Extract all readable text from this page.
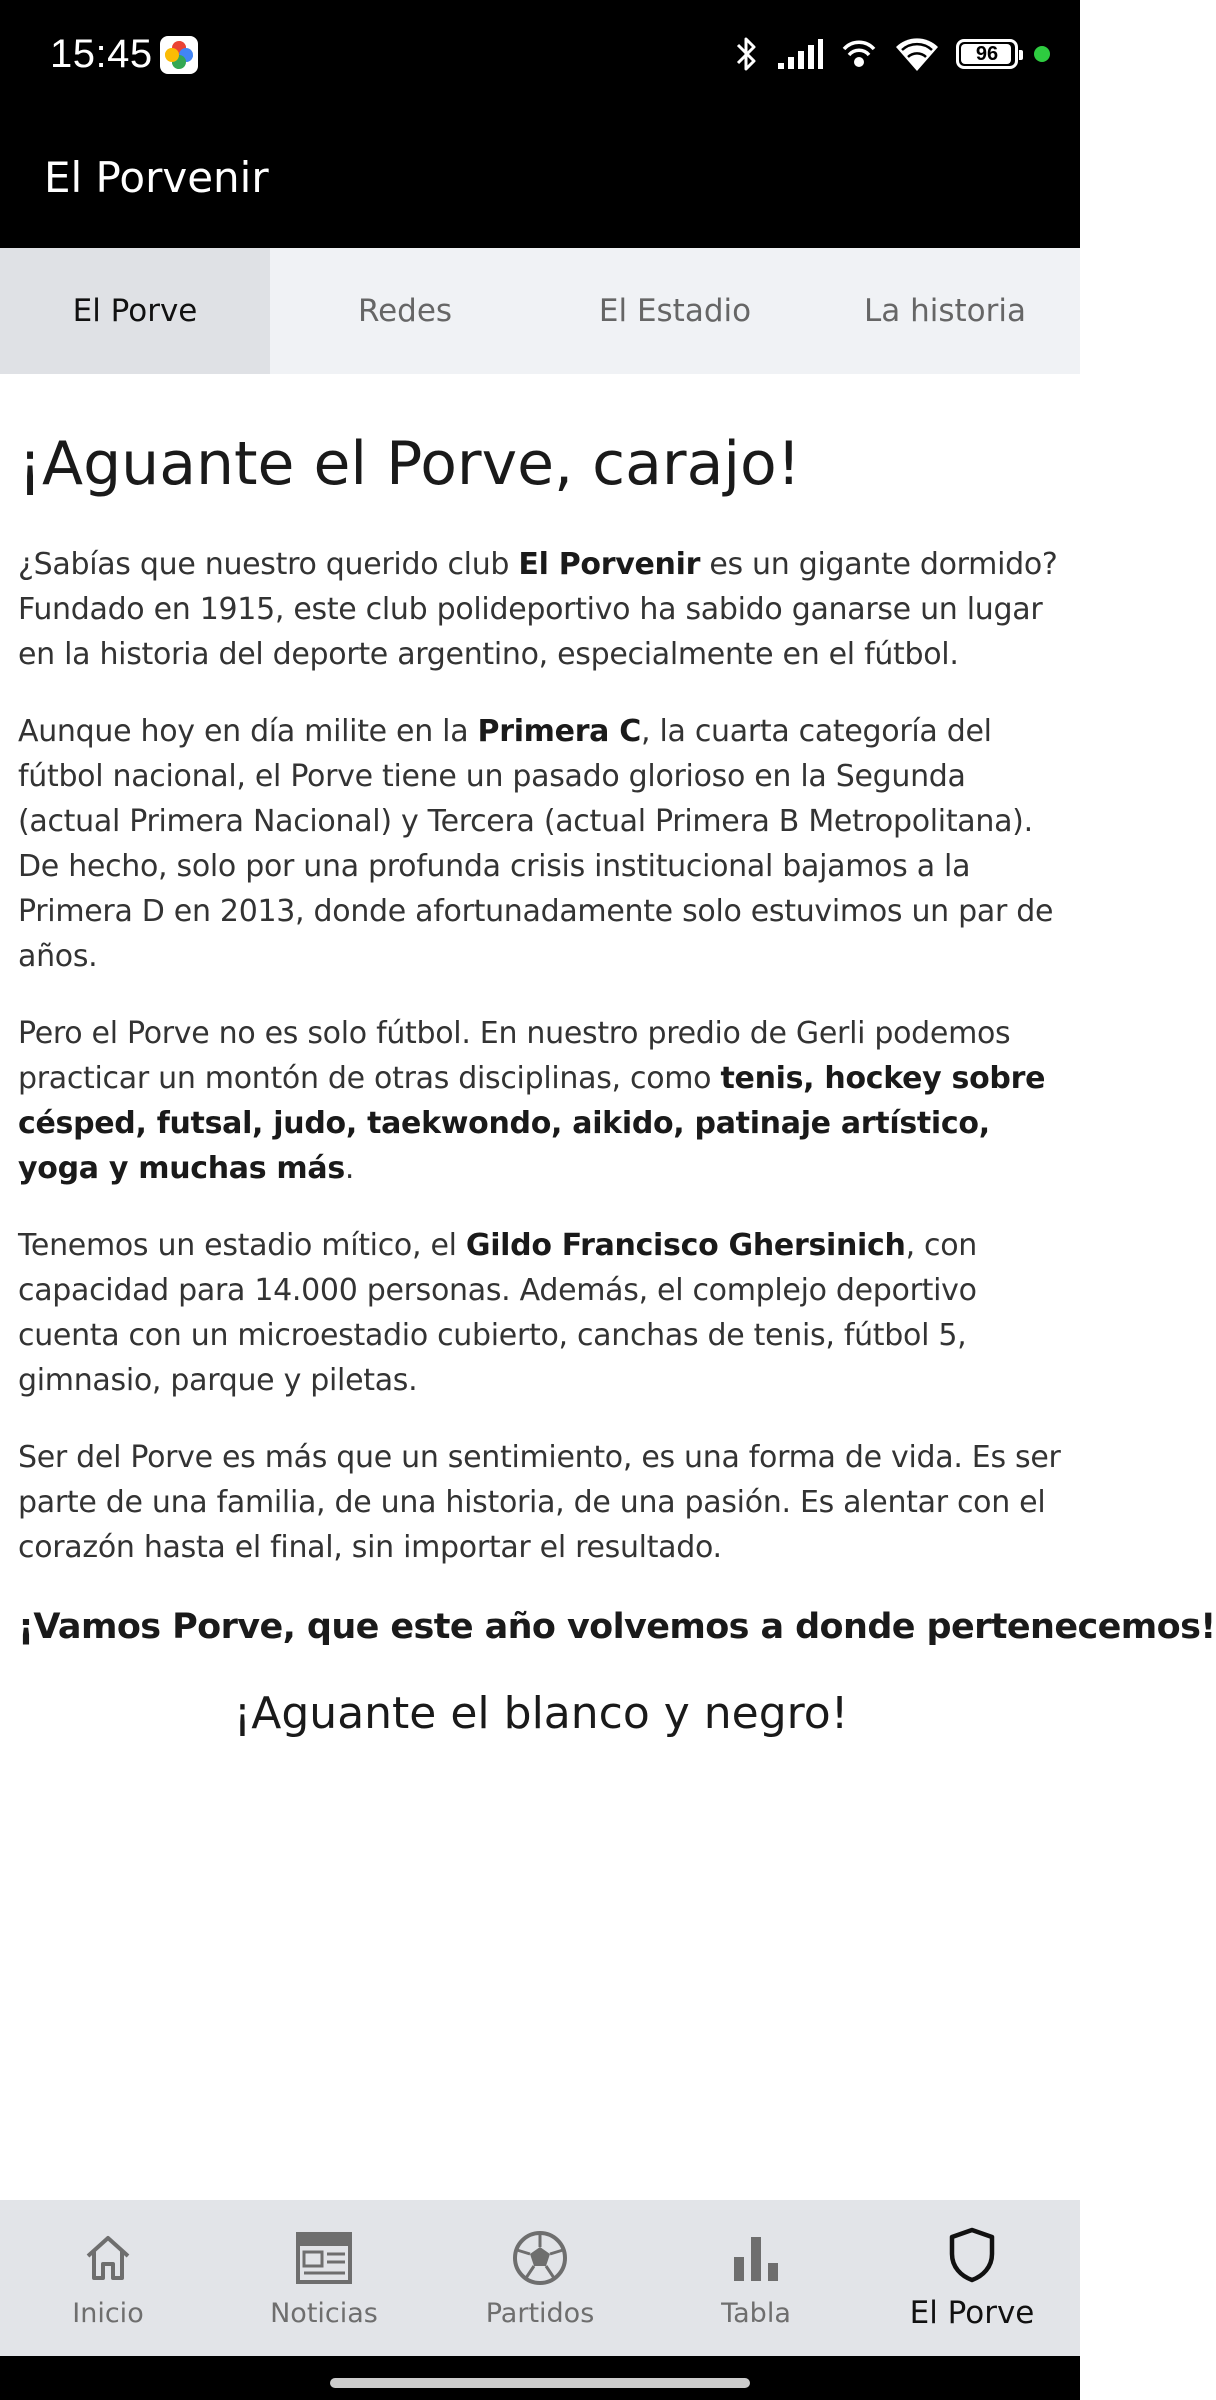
15:45	96
El Porvenir
El Porve	Redes	El Estadio	La historia
¡Aguante el Porve, carajo!

¿Sabías que nuestro querido club El Porvenir es un gigante dormido? Fundado en 1915, este club polideportivo ha sabido ganarse un lugar en la historia del deporte argentino, especialmente en el fútbol.

Aunque hoy en día milite en la Primera C, la cuarta categoría del fútbol nacional, el Porve tiene un pasado glorioso en la Segunda (actual Primera Nacional) y Tercera (actual Primera B Metropolitana). De hecho, solo por una profunda crisis institucional bajamos a la Primera D en 2013, donde afortunadamente solo estuvimos un par de años.

Pero el Porve no es solo fútbol. En nuestro predio de Gerli podemos practicar un montón de otras disciplinas, como tenis, hockey sobre césped, futsal, judo, taekwondo, aikido, patinaje artístico, yoga y muchas más.

Tenemos un estadio mítico, el Gildo Francisco Ghersinich, con capacidad para 14.000 personas. Además, el complejo deportivo cuenta con un microestadio cubierto, canchas de tenis, fútbol 5, gimnasio, parque y piletas.

Ser del Porve es más que un sentimiento, es una forma de vida. Es ser parte de una familia, de una historia, de una pasión. Es alentar con el corazón hasta el final, sin importar el resultado.

¡Vamos Porve, que este año volvemos a donde pertenecemos!

¡Aguante el blanco y negro!

Inicio	Noticias	Partidos	Tabla	El Porve
